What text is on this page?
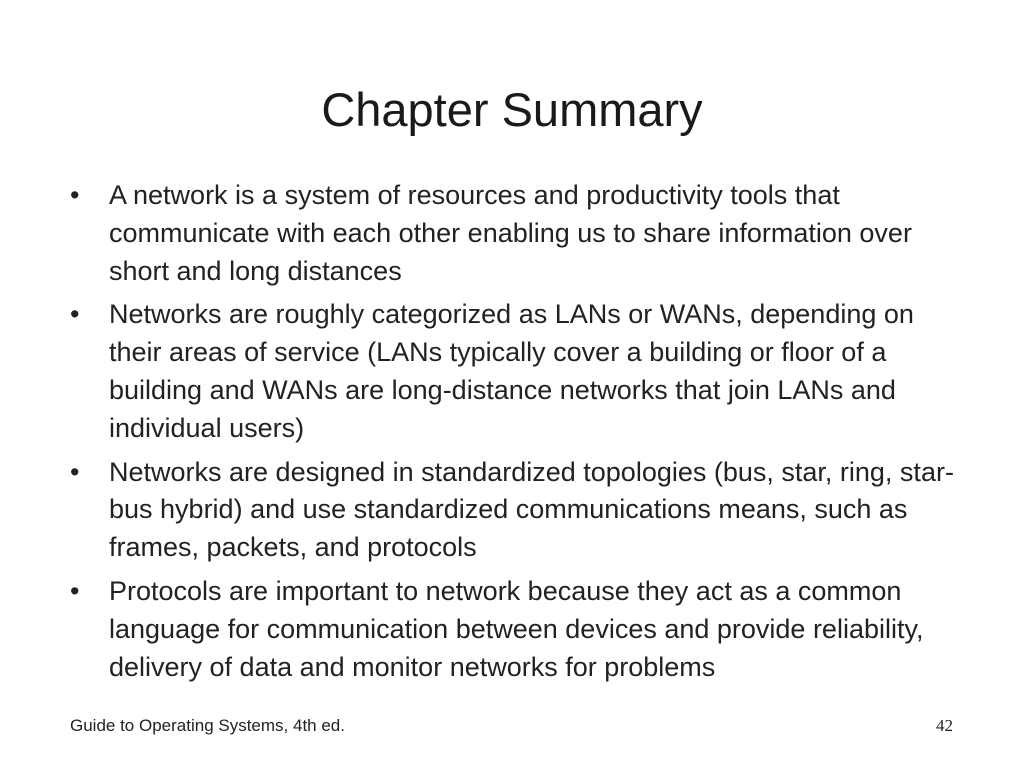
Chapter Summary
•	A network is a system of resources and productivity tools that communicate with each other enabling us to share information over short and long distances
•	Networks are roughly categorized as LANs or WANs, depending on their areas of service (LANs typically cover a building or floor of a building and WANs are long-distance networks that join LANs and individual users)
•	Networks are designed in standardized topologies (bus, star, ring, star-bus hybrid) and use standardized communications means, such as frames, packets, and protocols
•	Protocols are important to network because they act as a common language for communication between devices and provide reliability, delivery of data and monitor networks for problems
Guide to Operating Systems, 4th ed.	42
